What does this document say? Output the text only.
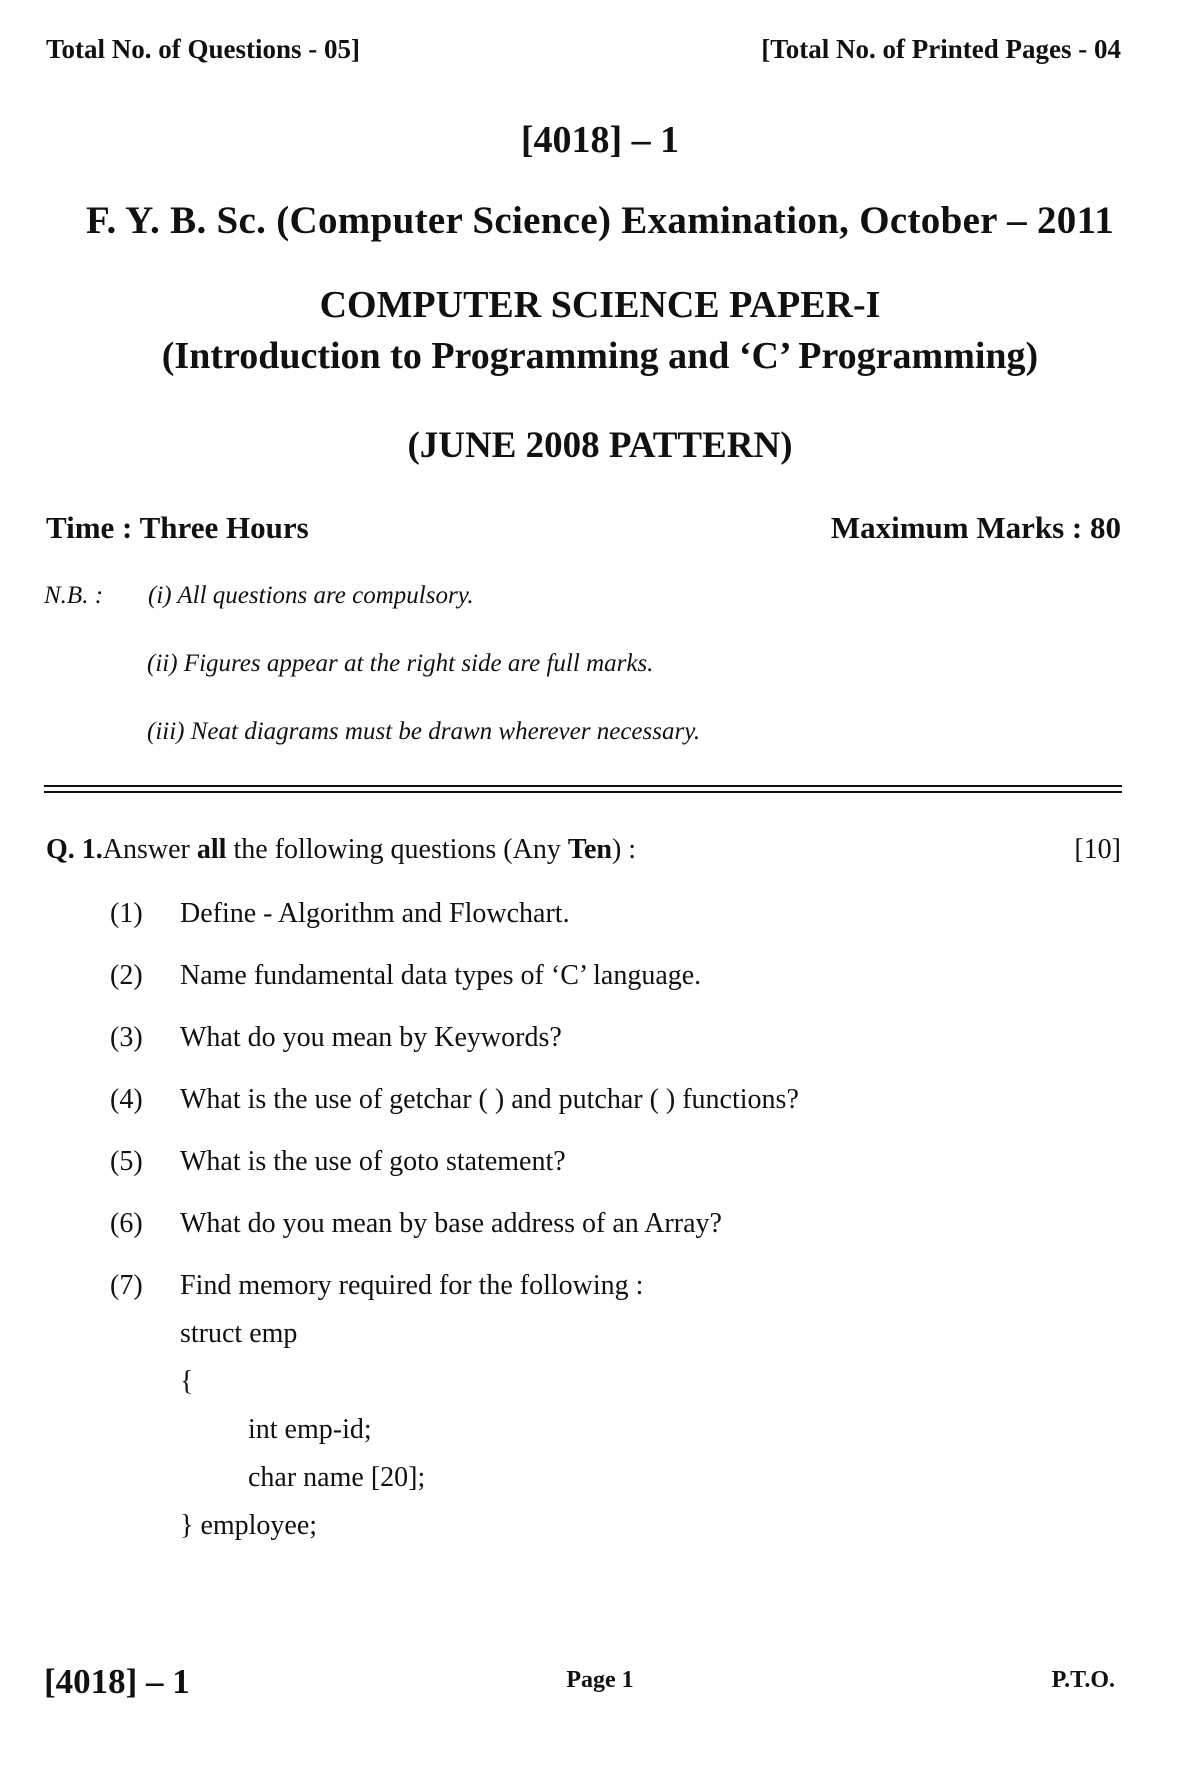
Total No. of Questions - 05]	[Total No. of Printed Pages - 04
[4018] – 1
F. Y. B. Sc. (Computer Science) Examination, October – 2011
COMPUTER SCIENCE PAPER-I
(Introduction to Programming and ‘C’ Programming)
(JUNE 2008 PATTERN)
Time : Three Hours	Maximum Marks : 80
N.B. : (i) All questions are compulsory.
(ii) Figures appear at the right side are full marks.
(iii) Neat diagrams must be drawn wherever necessary.
Q. 1.Answer all the following questions (Any Ten) :	[10]
(1) Define - Algorithm and Flowchart.
(2) Name fundamental data types of ‘C’ language.
(3) What do you mean by Keywords?
(4) What is the use of getchar ( ) and putchar ( ) functions?
(5) What is the use of goto statement?
(6) What do you mean by base address of an Array?
(7) Find memory required for the following :
struct emp
{
int emp-id;
char name [20];
} employee;
[4018] – 1	Page 1	P.T.O.
